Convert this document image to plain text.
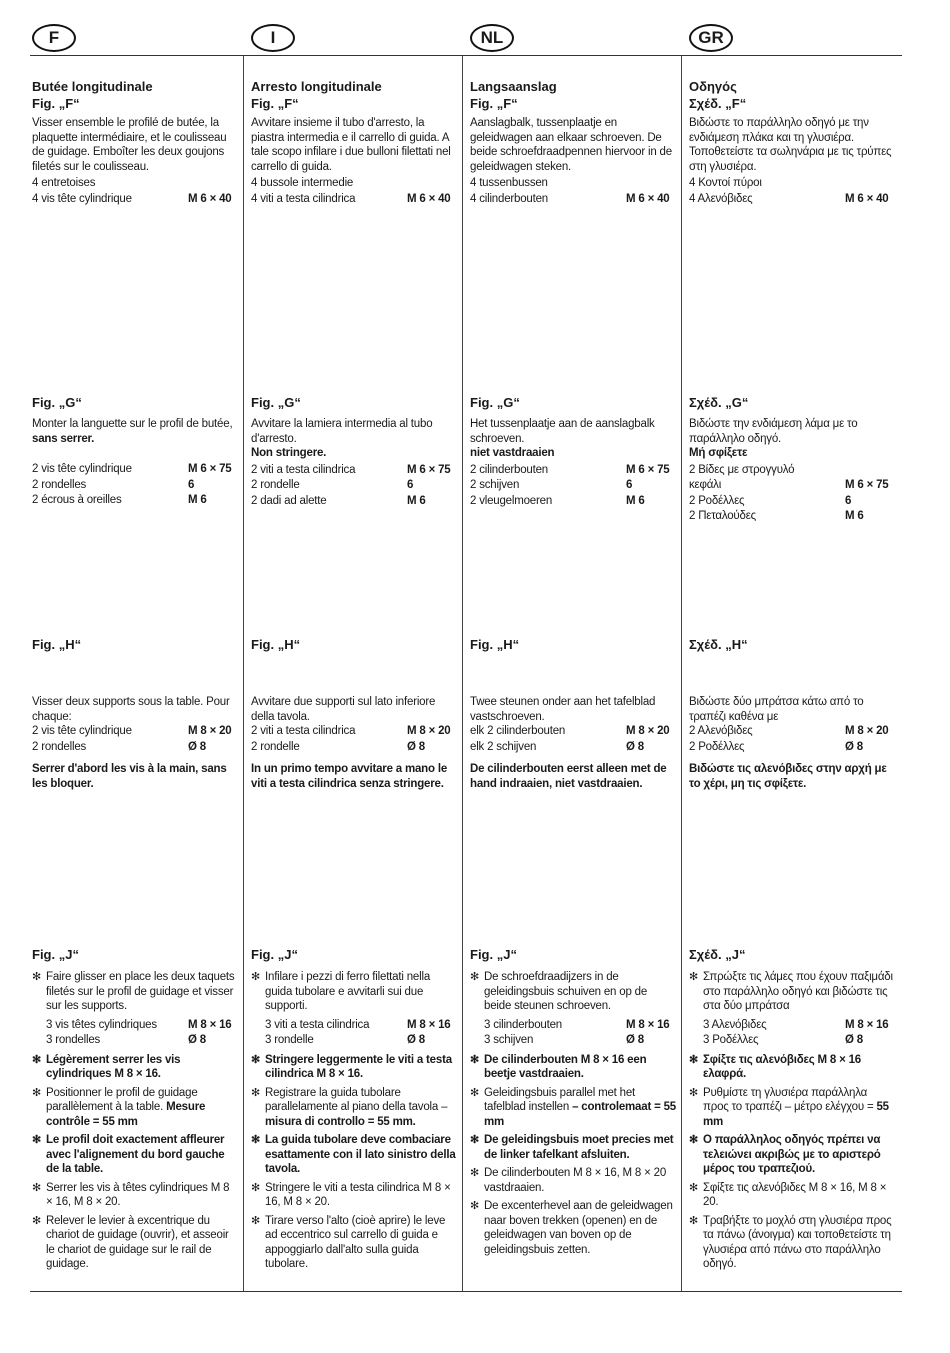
F	I	NL	GR
Butée longitudinale
Fig. „F“
Visser ensemble le profilé de butée, la plaquette intermédiaire, et le coulisseau de guidage. Emboîter les deux goujons filetés sur le coulisseau.
4 entretoises
4 vis tête cylindrique	M 6 × 40
Fig. „G“
Monter la languette sur le profil de butée,
sans serrer.
2 vis tête cylindrique	M 6 × 75
2 rondelles	6
2 écrous à oreilles	M 6
Fig. „H“
Visser deux supports sous la table. Pour chaque:
2 vis tête cylindrique	M 8 × 20
2 rondelles	Ø 8
Serrer d'abord les vis à la main, sans les bloquer.
Fig. „J“
✻ Faire glisser en place les deux taquets filetés sur le profil de guidage et visser sur les supports.
3 vis têtes cylindriques	M 8 × 16
3 rondelles	Ø 8
✻ Légèrement serrer les vis cylindriques M 8 × 16.
✻ Positionner le profil de guidage parallèlement à la table. Mesure contrôle = 55 mm
✻ Le profil doit exactement affleurer avec l'alignement du bord gauche de la table.
✻ Serrer les vis à têtes cylindriques M 8 × 16, M 8 × 20.
✻ Relever le levier à excentrique du chariot de guidage (ouvrir), et asseoir le chariot de guidage sur le rail de guidage.
Arresto longitudinale
Fig. „F“
Avvitare insieme il tubo d'arresto, la piastra intermedia e il carrello di guida. A tale scopo infilare i due bulloni filettati nel carrello di guida.
4 bussole intermedie
4 viti a testa cilindrica	M 6 × 40
Fig. „G“
Avvitare la lamiera intermedia al tubo d'arresto.
Non stringere.
2 viti a testa cilindrica	M 6 × 75
2 rondelle	6
2 dadi ad alette	M 6
Fig. „H“
Avvitare due supporti sul lato inferiore della tavola.
2 viti a testa cilindrica	M 8 × 20
2 rondelle	Ø 8
In un primo tempo avvitare a mano le viti a testa cilindrica senza stringere.
Fig. „J“
✻ Infilare i pezzi di ferro filettati nella guida tubolare e avvitarli sui due supporti.
3 viti a testa cilindrica	M 8 × 16
3 rondelle	Ø 8
✻ Stringere leggermente le viti a testa cilindrica M 8 × 16.
✻ Registrare la guida tubolare parallelamente al piano della tavola – misura di controllo = 55 mm.
✻ La guida tubolare deve combaciare esattamente con il lato sinistro della tavola.
✻ Stringere le viti a testa cilindrica M 8 × 16, M 8 × 20.
✻ Tirare verso l'alto (cioè aprire) le leve ad eccentrico sul carrello di guida e appoggiarlo dall'alto sulla guida tubolare.
Langsaanslag
Fig. „F“
Aanslagbalk, tussenplaatje en geleidwagen aan elkaar schroeven. De beide schroefdraadpennen hiervoor in de geleidwagen steken.
4 tussenbussen
4 cilinderbouten	M 6 × 40
Fig. „G“
Het tussenplaatje aan de aanslagbalk schroeven.
niet vastdraaien
2 cilinderbouten	M 6 × 75
2 schijven	6
2 vleugelmoeren	M 6
Fig. „H“
Twee steunen onder aan het tafelblad vastschroeven.
elk 2 cilinderbouten	M 8 × 20
elk 2 schijven	Ø 8
De cilinderbouten eerst alleen met de hand indraaien, niet vastdraaien.
Fig. „J“
✻ De schroefdraadijzers in de geleidingsbuis schuiven en op de beide steunen schroeven.
3 cilinderbouten	M 8 × 16
3 schijven	Ø 8
✻ De cilinderbouten M 8 × 16 een beetje vastdraaien.
✻ Geleidingsbuis parallel met het tafelblad instellen – controlemaat = 55 mm
✻ De geleidingsbuis moet precies met de linker tafelkant afsluiten.
✻ De cilinderbouten M 8 × 16, M 8 × 20 vastdraaien.
✻ De excenterhevel aan de geleidwagen naar boven trekken (openen) en de geleidwagen van boven op de geleidingsbuis zetten.
Οδηγός
Σχέδ. „F“
Βιδώστε το παράλληλο οδηγό με την ενδιάμεση πλάκα και τη γλυσιέρα. Τοποθετείστε τα σωληνάρια με τις τρύπες στη γλυσιέρα.
4 Κοντοί πύροι
4 Αλενόβιδες	M 6 × 40
Σχέδ. „G“
Βιδώστε την ενδιάμεση λάμα με το παράλληλο οδηγό.
Μή σφίξετε
2 Βίδες με στρογγυλό κεφάλι	M 6 × 75
2 Ροδέλλες	6
2 Πεταλούδες	M 6
Σχέδ. „H“
Βιδώστε δύο μπράτσα κάτω από το τραπέζι καθένα με
2 Αλενόβιδες	M 8 × 20
2 Ροδέλλες	Ø 8
Βιδώστε τις αλενόβιδες στην αρχή με το χέρι, μη τις σφίξετε.
Σχέδ. „J“
✻ Σπρώξτε τις λάμες που έχουν παξιμάδι στο παράλληλο οδηγό και βιδώστε τις στα δύο μπράτσα
3 Αλενόβιδες	M 8 × 16
3 Ροδέλλες	Ø 8
✻ Σφίξτε τις αλενόβιδες M 8 × 16 ελαφρά.
✻ Ρυθμίστε τη γλυσιέρα παράλληλα προς το τραπέζι – μέτρο ελέγχου = 55 mm
✻ Ο παράλληλος οδηγός πρέπει να τελειώνει ακριβώς με το αριστερό μέρος του τραπεζιού.
✻ Σφίξτε τις αλενόβιδες M 8 × 16, M 8 × 20.
✻ Τραβήξτε το μοχλό στη γλυσιέρα προς τα πάνω (άνοιγμα) και τοποθετείστε τη γλυσιέρα από πάνω στο παράλληλο οδηγό.
